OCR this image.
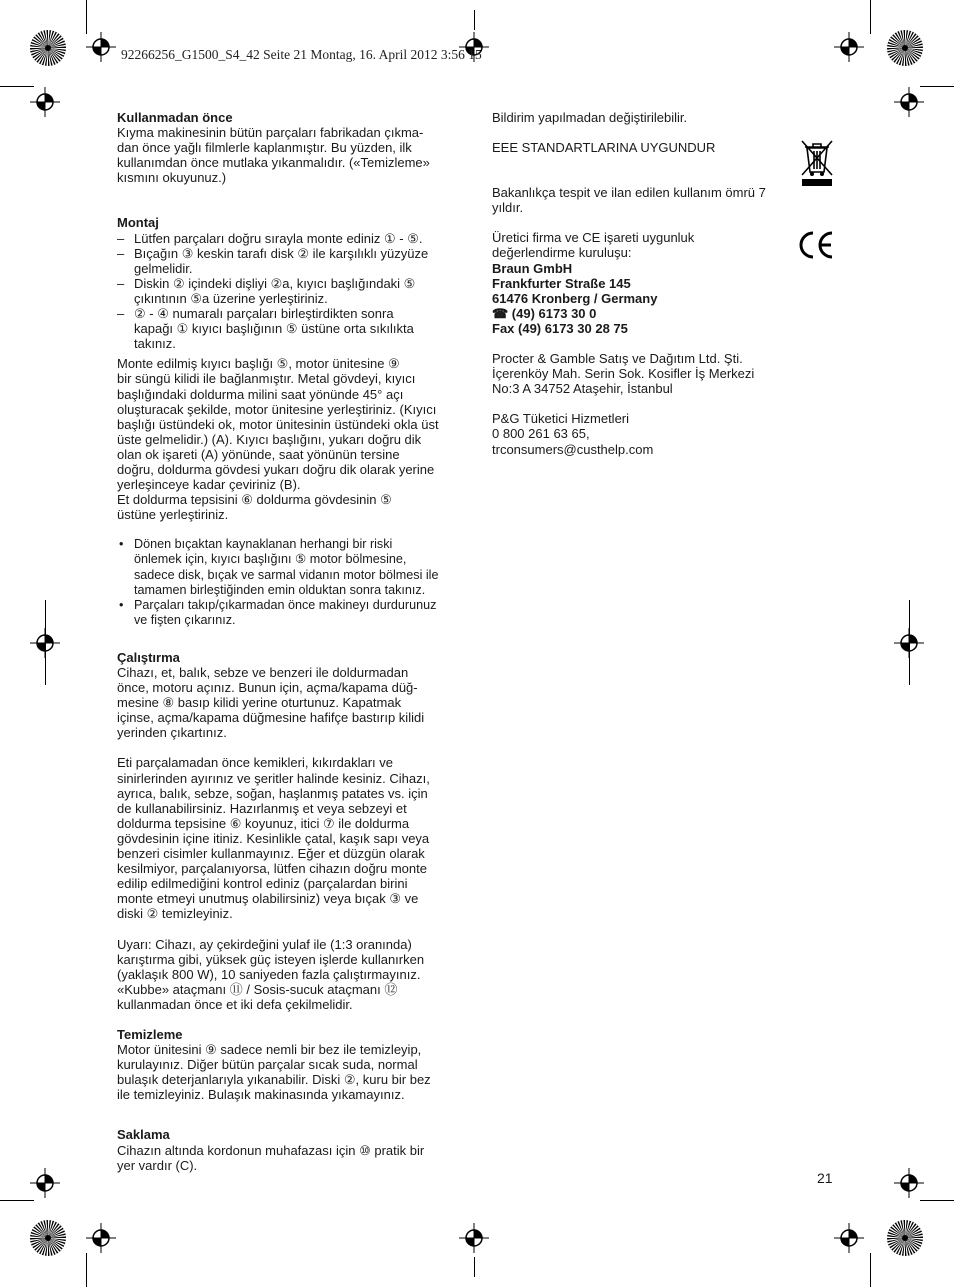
92266256_G1500_S4_42 Seite 21 Montag, 16. April 2012 3:56 15

Kullanmadan önce

Kıyma makinesinin bütün parçaları fabrikadan çıkma-
dan önce yağlı filmlerle kaplanmıştır. Bu yüzden, ilk
kullanımdan önce mutlaka yıkanmalıdır. («Temizleme»
kısmını okuyunuz.)

Montaj

– Lütfen parçaları doğru sırayla monte ediniz ① - ⑤.
– Bıçağın ③ keskin tarafı disk ② ile karşılıklı yüzyüze
gelmelidir.
– Diskin ② içindeki dişliyi ②a, kıyıcı başlığındaki ⑤
çıkıntının ⑤a üzerine yerleştiriniz.
– ② - ④ numaralı parçaları birleştirdikten sonra
kapağı ① kıyıcı başlığının ⑤ üstüne orta sıkılıkta
takınız.
Monte edilmiş kıyıcı başlığı ⑤, motor ünitesine ⑨
bir süngü kilidi ile bağlanmıştır. Metal gövdeyi, kıyıcı
başlığındaki doldurma milini saat yönünde 45° açı
oluşturacak şekilde, motor ünitesine yerleştiriniz. (Kıyıcı
başlığı üstündeki ok, motor ünitesinin üstündeki okla üst
üste gelmelidir.) (A). Kıyıcı başlığını, yukarı doğru dik
olan ok işareti (A) yönünde, saat yönünün tersine
doğru, doldurma gövdesi yukarı doğru dik olarak yerine
yerleşinceye kadar çeviriniz (B).
Et doldurma tepsisini ⑥ doldurma gövdesinin ⑤
üstüne yerleştiriniz.
• Dönen bıçaktan kaynaklanan herhangi bir riski
önlemek için, kıyıcı başlığını ⑤ motor bölmesine,
sadece disk, bıçak ve sarmal vidanın motor bölmesi ile
tamamen birleştiğinden emin olduktan sonra takınız.
• Parçaları takıp/çıkarmadan önce makineyı durdurunuz
ve fişten çıkarınız.

Çalıştırma

Cihazı, et, balık, sebze ve benzeri ile doldurmadan
önce, motoru açınız. Bunun için, açma/kapama düğ-
mesine ⑧ basıp kilidi yerine oturtunuz. Kapatmak
içinse, açma/kapama düğmesine hafifçe bastırıp kilidi
yerinden çıkartınız.
Eti parçalamadan önce kemikleri, kıkırdakları ve
sinirlerinden ayırınız ve şeritler halinde kesiniz. Cihazı,
ayrıca, balık, sebze, soğan, haşlanmış patates vs. için
de kullanabilirsiniz. Hazırlanmış et veya sebzeyi et
doldurma tepsisine ⑥ koyunuz, itici ⑦ ile doldurma
gövdesinin içine itiniz. Kesinlikle çatal, kaşık sapı veya
benzeri cisimler kullanmayınız. Eğer et düzgün olarak
kesilmiyor, parçalanıyorsa, lütfen cihazın doğru monte
edilip edilmediğini kontrol ediniz (parçalardan birini
monte etmeyi unutmuş olabilirsiniz) veya bıçak ③ ve
diski ② temizleyiniz.
Uyarı: Cihazı, ay çekirdeğini yulaf ile (1:3 oranında)
karıştırma gibi, yüksek güç isteyen işlerde kullanırken
(yaklaşık 800 W), 10 saniyeden fazla çalıştırmayınız.
«Kubbe» ataçmanı ⑪ / Sosis-sucuk ataçmanı ⑫
kullanmadan önce et iki defa çekilmelidir.

Temizleme

Motor ünitesini ⑨ sadece nemli bir bez ile temizleyip,
kurulayınız. Diğer bütün parçalar sıcak suda, normal
bulaşık deterjanlarıyla yıkanabilir. Diski ②, kuru bir bez
ile temizleyiniz. Bulaşık makinasında yıkamayınız.

Saklama

Cihazın altında kordonun muhafazası için ⑩ pratik bir
yer vardır (C).

Bildirim yapılmadan değiştirilebilir.

EEE STANDARTLARINA UYGUNDUR

Bakanlıkça tespit ve ilan edilen kullanım ömrü 7
yıldır.
Üretici firma ve CE işareti uygunluk
değerlendirme kuruluşu:

Braun GmbH

Frankfurter Straße 145

61476 Kronberg / Germany

☎ (49) 6173 30 0

Fax (49) 6173 30 28 75

Procter & Gamble Satış ve Dağıtım Ltd. Şti.
İçerenköy Mah. Serin Sok. Kosifler İş Merkezi
No:3 A 34752 Ataşehir, İstanbul
P&G Tüketici Hizmetleri
0 800 261 63 65,
trconsumers@custhelp.com
21
